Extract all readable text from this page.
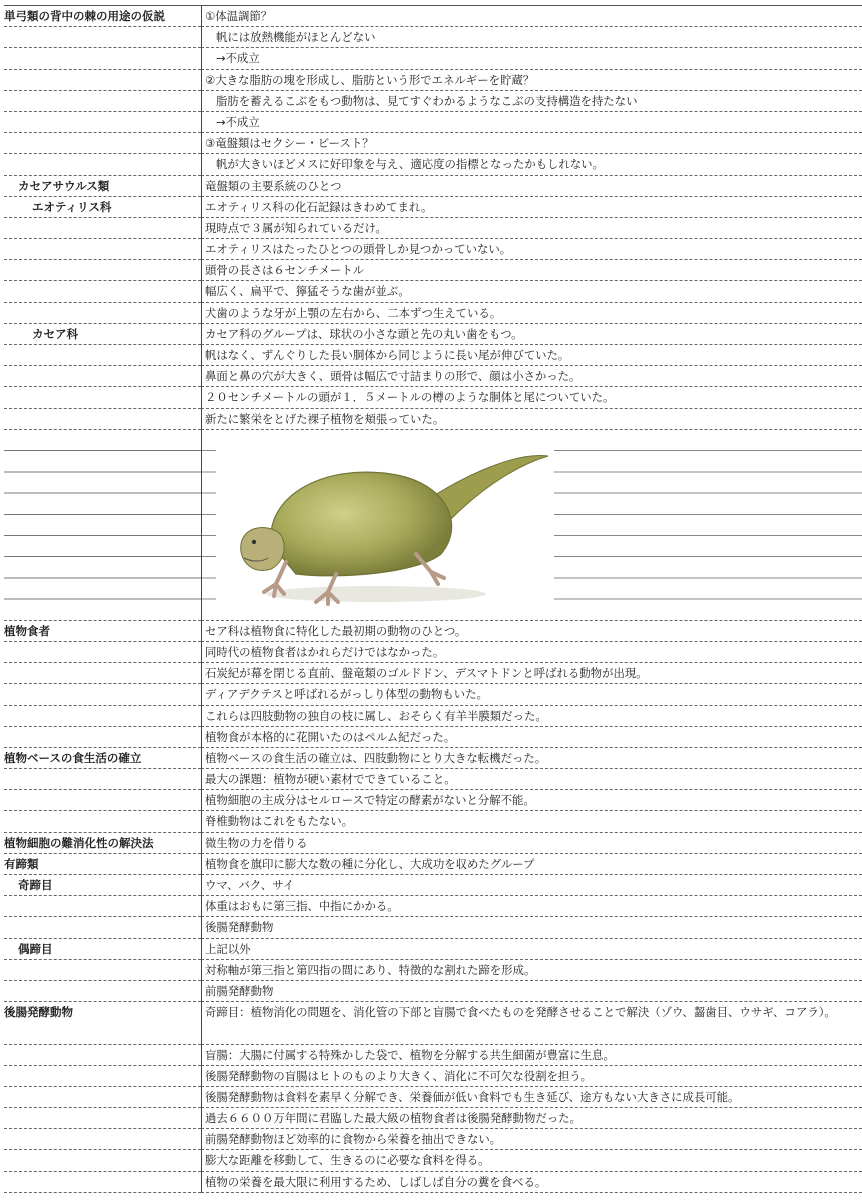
単弓類の背中の棘の用途の仮説	①体温調節？
帆には放熱機能がほとんどない
→不成立
②大きな脂肪の塊を形成し、脂肪という形でエネルギーを貯蔵？
脂肪を蓄えるこぶをもつ動物は、見てすぐわかるようなこぶの支持構造を持たない
→不成立
③竜盤類はセクシー・ビースト？
帆が大きいほどメスに好印象を与え、適応度の指標となったかもしれない。
カセアサウルス類	竜盤類の主要系統のひとつ
エオティリス科	エオティリス科の化石記録はきわめてまれ。
現時点で３属が知られているだけ。
エオティリスはたったひとつの頭骨しか見つかっていない。
頭骨の長さは６センチメートル
幅広く、扁平で、獰猛そうな歯が並ぶ。
犬歯のような牙が上顎の左右から、二本ずつ生えている。
カセア科	カセア科のグループは、球状の小さな頭と先の丸い歯をもつ。
帆はなく、ずんぐりした長い胴体から同じように長い尾が伸びていた。
鼻面と鼻の穴が大きく、頭骨は幅広で寸詰まりの形で、顔は小さかった。
２０センチメートルの頭が１．５メートルの樽のような胴体と尾についていた。
新たに繁栄をとげた裸子植物を頬張っていた。
植物食者	セア科は植物食に特化した最初期の動物のひとつ。
同時代の植物食者はかれらだけではなかった。
石炭紀が幕を閉じる直前、盤竜類のゴルドドン、デスマトドンと呼ばれる動物が出現。
ディアデクテスと呼ばれるがっしり体型の動物もいた。
これらは四肢動物の独自の枝に属し、おそらく有羊半膜類だった。
植物食が本格的に花開いたのはペルム紀だった。
植物ベースの食生活の確立	植物ベースの食生活の確立は、四肢動物にとり大きな転機だった。
最大の課題：植物が硬い素材でできていること。
植物細胞の主成分はセルロースで特定の酵素がないと分解不能。
脊椎動物はこれをもたない。
植物細胞の難消化性の解決法	微生物の力を借りる
有蹄類	植物食を旗印に膨大な数の種に分化し、大成功を収めたグループ
奇蹄目	ウマ、バク、サイ
体重はおもに第三指、中指にかかる。
後腸発酵動物
偶蹄目	上記以外
対称軸が第三指と第四指の間にあり、特徴的な割れた蹄を形成。
前腸発酵動物
後腸発酵動物	奇蹄目：植物消化の問題を、消化管の下部と盲腸で食べたものを発酵させることで解決（ゾウ、齧歯目、ウサギ、コアラ）。
盲腸：大腸に付属する特殊かした袋で、植物を分解する共生細菌が豊富に生息。
後腸発酵動物の盲腸はヒトのものより大きく、消化に不可欠な役割を担う。
後腸発酵動物は食料を素早く分解でき、栄養価が低い食料でも生き延び、途方もない大きさに成長可能。
過去６６００万年間に君臨した最大級の植物食者は後腸発酵動物だった。
前腸発酵動物ほど効率的に食物から栄養を抽出できない。
膨大な距離を移動して、生きるのに必要な食料を得る。
植物の栄養を最大限に利用するため、しばしば自分の糞を食べる。
